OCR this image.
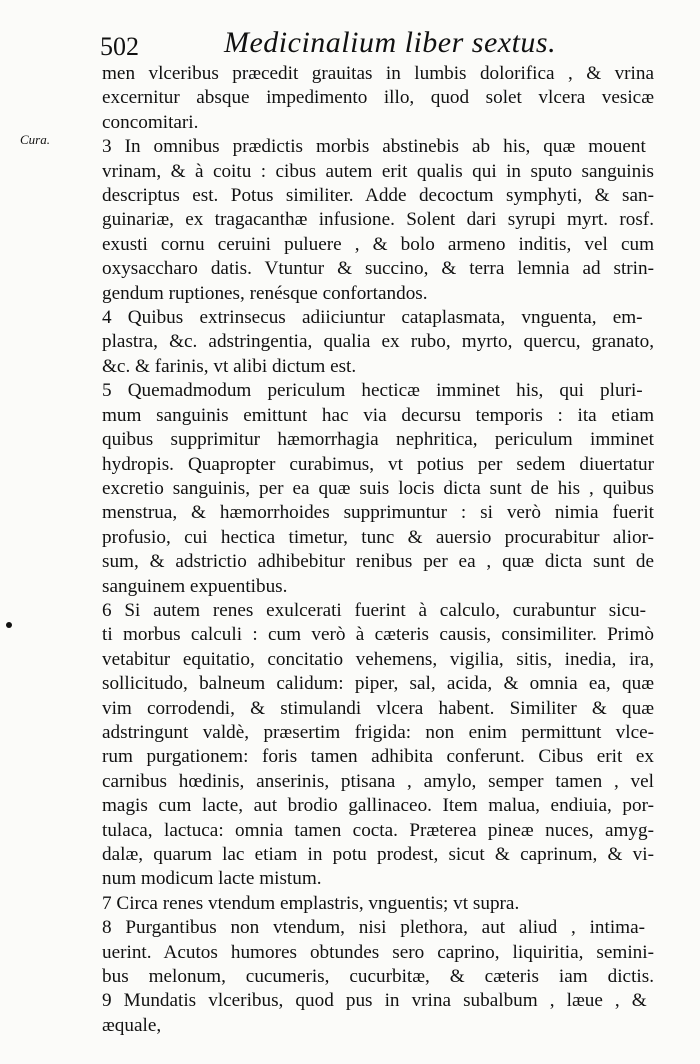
502	Medicinalium liber sextus.
Cura.
men vlceribus præcedit grauitas in lumbis dolorifica , & vrina
excernitur absque impedimento illo, quod solet vlcera vesicæ
concomitari.
3 In omnibus prædictis morbis abstinebis ab his, quæ mouent
vrinam, & à coitu : cibus autem erit qualis qui in sputo sanguinis
descriptus est. Potus similiter. Adde decoctum symphyti, & san-
guinariæ, ex tragacanthæ infusione. Solent dari syrupi myrt. rosf.
exusti cornu ceruini puluere , & bolo armeno inditis, vel cum
oxysaccharo datis. Vtuntur & succino, & terra lemnia ad strin-
gendum ruptiones, renésque confortandos.
4 Quibus extrinsecus adiiciuntur cataplasmata, vnguenta, em-
plastra, &c. adstringentia, qualia ex rubo, myrto, quercu, granato,
&c. & farinis, vt alibi dictum est.
5 Quemadmodum periculum hecticæ imminet his, qui pluri-
mum sanguinis emittunt hac via decursu temporis : ita etiam
quibus supprimitur hæmorrhagia nephritica, periculum imminet
hydropis. Quapropter curabimus, vt potius per sedem diuertatur
excretio sanguinis, per ea quæ suis locis dicta sunt de his , quibus
menstrua, & hæmorrhoides supprimuntur : si verò nimia fuerit
profusio, cui hectica timetur, tunc & auersio procurabitur alior-
sum, & adstrictio adhibebitur renibus per ea , quæ dicta sunt de
sanguinem expuentibus.
6 Si autem renes exulcerati fuerint à calculo, curabuntur sicu-
ti morbus calculi : cum verò à cæteris causis, consimiliter. Primò
vetabitur equitatio, concitatio vehemens, vigilia, sitis, inedia, ira,
sollicitudo, balneum calidum: piper, sal, acida, & omnia ea, quæ
vim corrodendi, & stimulandi vlcera habent. Similiter & quæ
adstringunt valdè, præsertim frigida: non enim permittunt vlce-
rum purgationem: foris tamen adhibita conferunt. Cibus erit ex
carnibus hœdinis, anserinis, ptisana , amylo, semper tamen , vel
magis cum lacte, aut brodio gallinaceo. Item malua, endiuia, por-
tulaca, lactuca: omnia tamen cocta. Præterea pineæ nuces, amyg-
dalæ, quarum lac etiam in potu prodest, sicut & caprinum, & vi-
num modicum lacte mistum.
7 Circa renes vtendum emplastris, vnguentis; vt supra.
8 Purgantibus non vtendum, nisi plethora, aut aliud , intima-
uerint. Acutos humores obtundes sero caprino, liquiritia, semini-
bus melonum, cucumeris, cucurbitæ, & cæteris iam dictis.
9 Mundatis vlceribus, quod pus in vrina subalbum , læue , &
æquale,
